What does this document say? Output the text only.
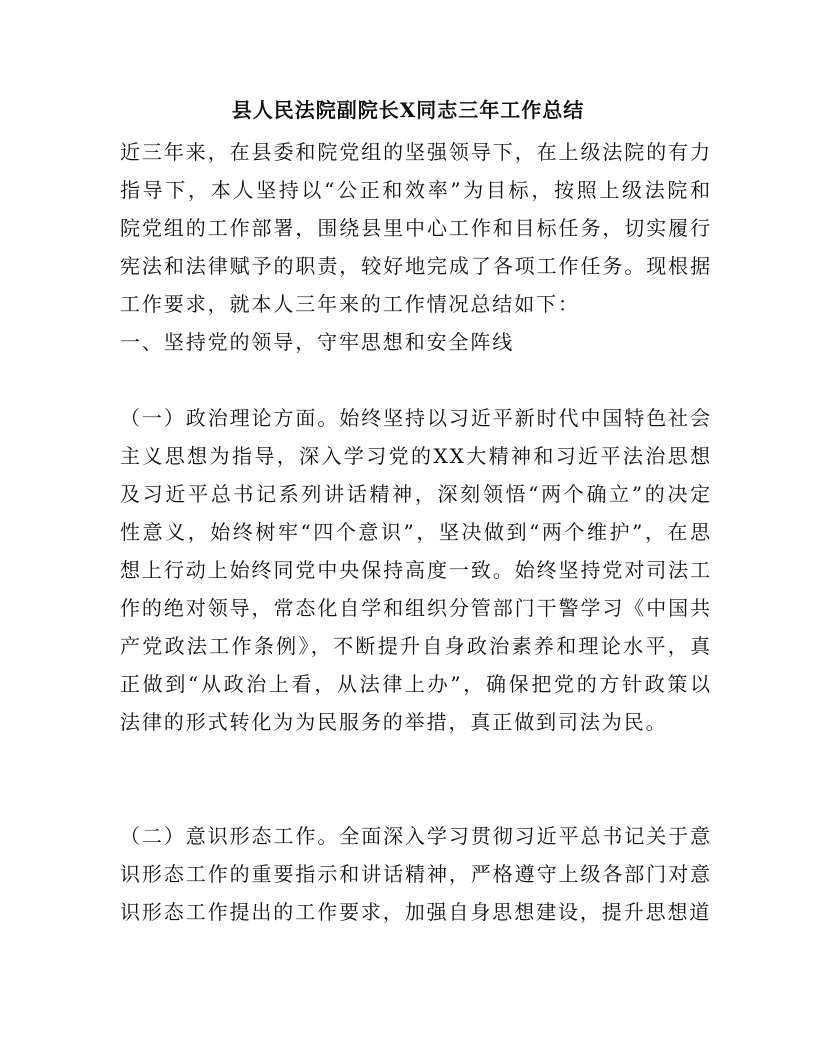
县人民法院副院长X同志三年工作总结

近三年来，在县委和院党组的坚强领导下，在上级法院的有力指导下，本人坚持以“公正和效率”为目标，按照上级法院和院党组的工作部署，围绕县里中心工作和目标任务，切实履行宪法和法律赋予的职责，较好地完成了各项工作任务。现根据工作要求，就本人三年来的工作情况总结如下：

一、坚持党的领导，守牢思想和安全阵线

（一）政治理论方面。始终坚持以习近平新时代中国特色社会主义思想为指导，深入学习党的XX大精神和习近平法治思想及习近平总书记系列讲话精神，深刻领悟“两个确立”的决定性意义，始终树牢“四个意识”，坚决做到“两个维护”，在思想上行动上始终同党中央保持高度一致。始终坚持党对司法工作的绝对领导，常态化自学和组织分管部门干警学习《中国共产党政法工作条例》，不断提升自身政治素养和理论水平，真正做到“从政治上看，从法律上办”，确保把党的方针政策以法律的形式转化为为民服务的举措，真正做到司法为民。

（二）意识形态工作。全面深入学习贯彻习近平总书记关于意识形态工作的重要指示和讲话精神，严格遵守上级各部门对意识形态工作提出的工作要求，加强自身思想建设，提升思想道
